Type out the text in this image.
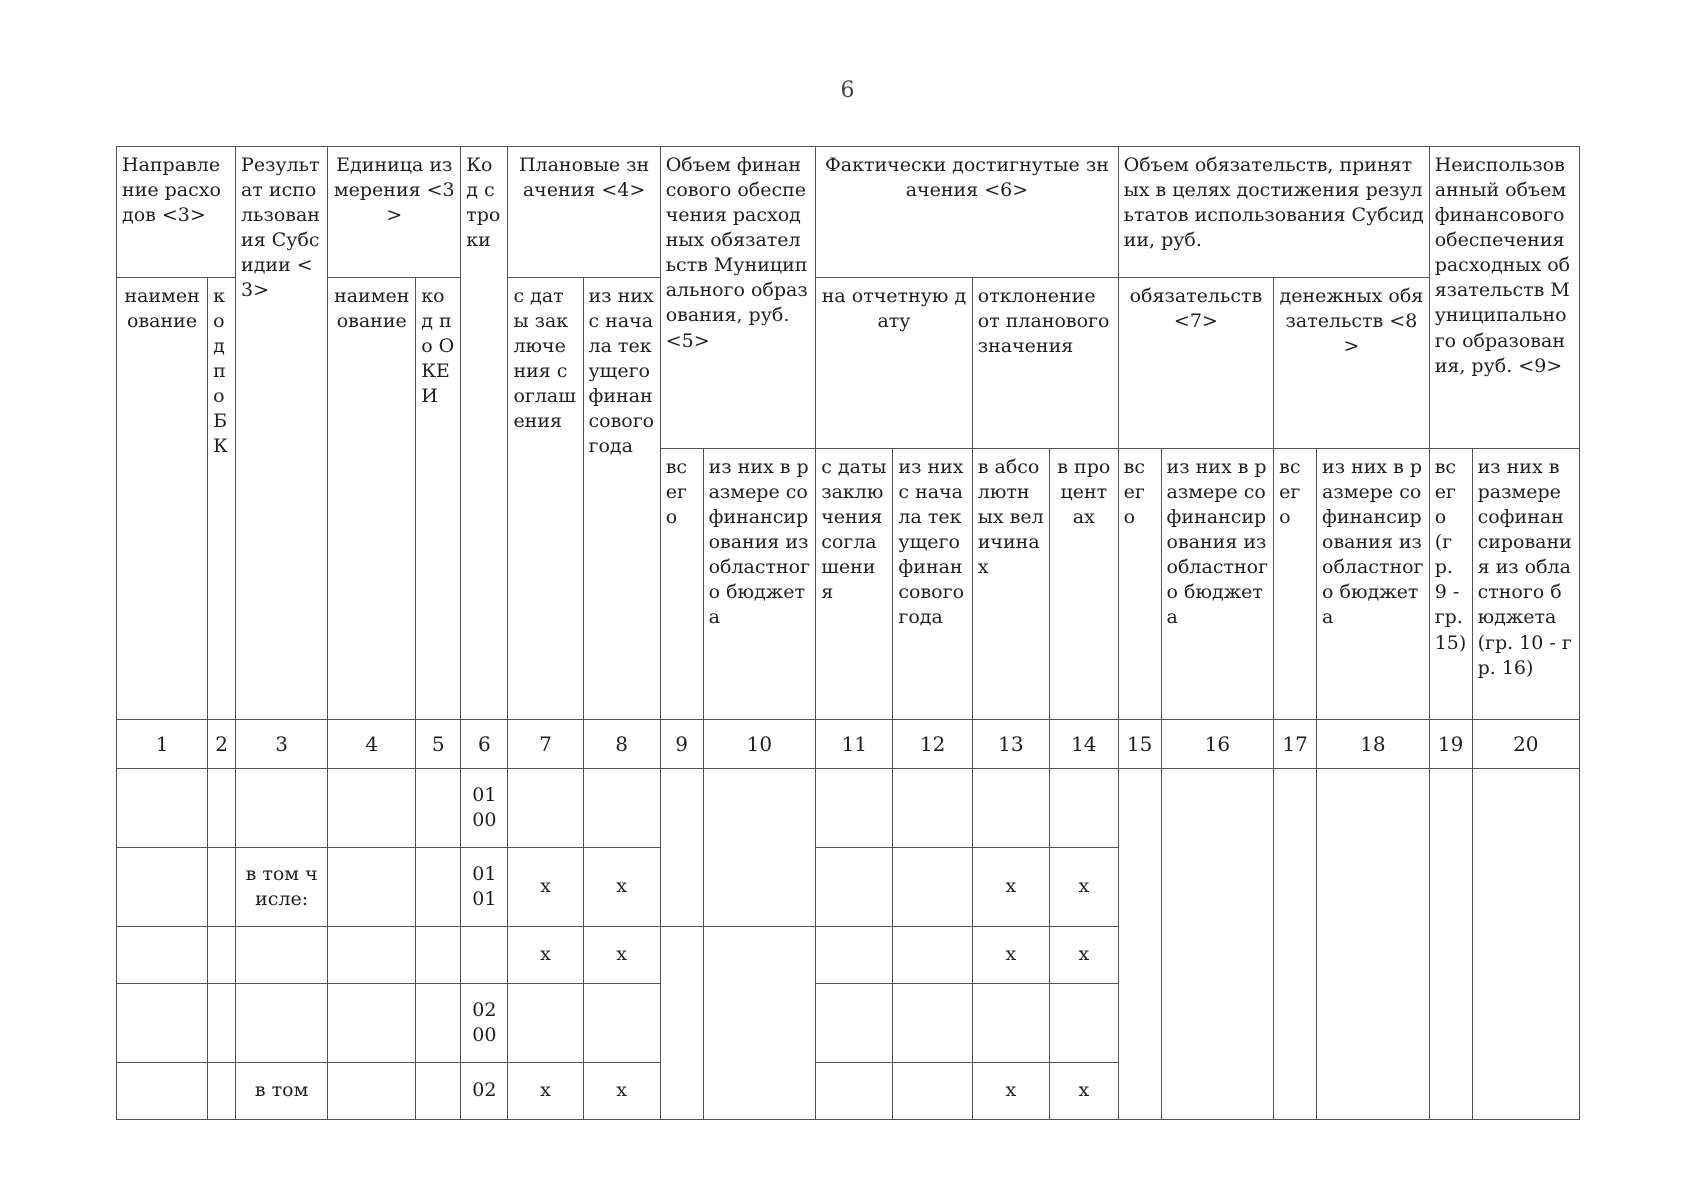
6
Направление расходов <3>		Результат использования Субсидии <3>	Единица измерения <3>		Код строки	Плановые значения <4>		Объем финансового обеспечения расходных обязательств Муниципального образования, руб. <5>		Фактически достигнутые значения <6>				Объем обязательств, принятых в целях достижения результатов использования Субсидии, руб.				Неиспользованный объем финансового обеспечения расходных обязательств Муниципального образования, руб. <9>	
наименование	код по БК		наименование	код по ОКЕИ		с даты заключения соглашения	из них с начала текущего финансового года			на отчетную дату		отклонение от планового значения		обязательств <7>		денежных обязательств <8>			
								всего	из них в размере софинансирования из областного бюджета	с даты заключения соглашения	из них с начала текущего финансового года	в абсолютных величинах	в процентах	всего	из них в размере софинансирования из областного бюджета	всего	из них в размере софинансирования из областного бюджета	всего (гр. 9 - гр. 15)	из них в размере софинансирования из областного бюджета (гр. 10 - гр. 16)
1	2	3	4	5	6	7	8	9	10	11	12	13	14	15	16	17	18	19	20
					01 00														
		в том числе:			01 01	x	x					x	x						
						x	x					x	x						
					02 00														
		в том			02	x	x					x	x						
